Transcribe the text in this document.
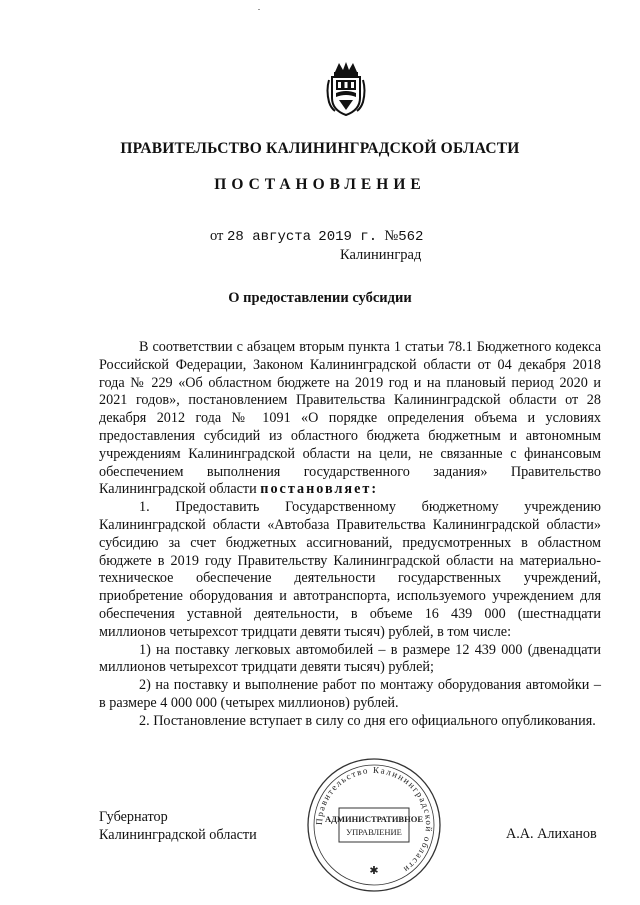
ПРАВИТЕЛЬСТВО КАЛИНИНГРАДСКОЙ ОБЛАСТИ
ПОСТАНОВЛЕНИЕ
от 28 августа 2019 г. №562
Калининград
О предоставлении субсидии

В соответствии с абзацем вторым пункта 1 статьи 78.1 Бюджетного кодекса Российской Федерации, Законом Калининградской области от 04 декабря 2018 года № 229 «Об областном бюджете на 2019 год и на плановый период 2020 и 2021 годов», постановлением Правительства Калининградской области от 28 декабря 2012 года № 1091 «О порядке определения объема и условиях предоставления субсидий из областного бюджета бюджетным и автономным учреждениям Калининградской области на цели, не связанные с финансовым обеспечением выполнения государственного задания» Правительство Калининградской области постановляет:

1. Предоставить Государственному бюджетному учреждению Калининградской области «Автобаза Правительства Калининградской области» субсидию за счет бюджетных ассигнований, предусмотренных в областном бюджете в 2019 году Правительству Калининградской области на материально-техническое обеспечение деятельности государственных учреждений, приобретение оборудования и автотранспорта, используемого учреждением для обеспечения уставной деятельности, в объеме 16 439 000 (шестнадцати миллионов четырехсот тридцати девяти тысяч) рублей, в том числе:

1) на поставку легковых автомобилей – в размере 12 439 000 (двенадцати миллионов четырехсот тридцати девяти тысяч) рублей;

2) на поставку и выполнение работ по монтажу оборудования автомойки – в размере 4 000 000 (четырех миллионов) рублей.

2. Постановление вступает в силу со дня его официального опубликования.

Губернатор
Калининградской области
Правительство Калининградской области
АДМИНИСТРАТИВНОЕ
УПРАВЛЕНИЕ
✱
А.А. Алиханов
